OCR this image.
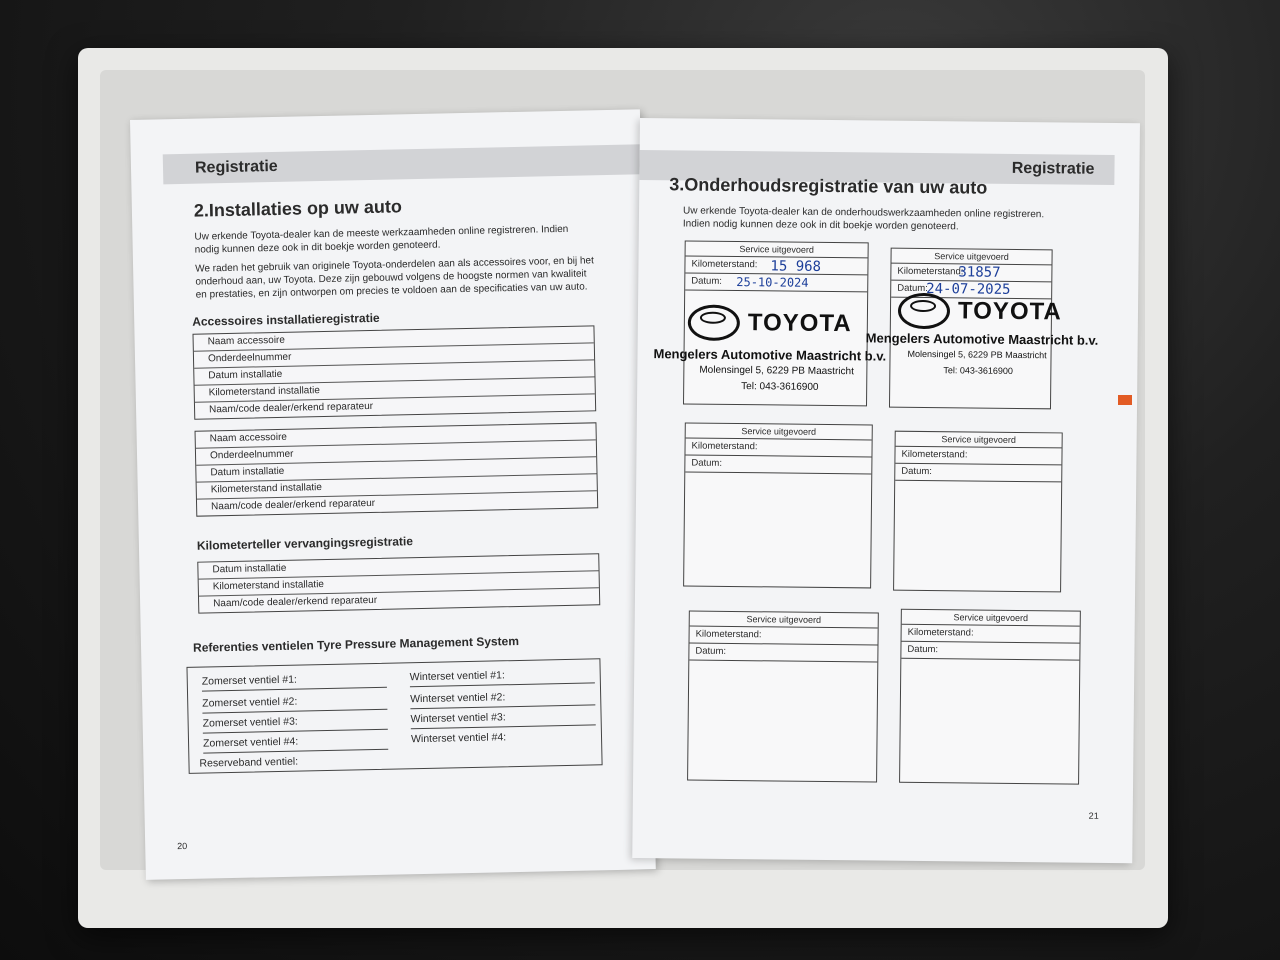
Registratie
2.Installaties op uw auto
Uw erkende Toyota-dealer kan de meeste werkzaamheden online registreren. Indien nodig kunnen deze ook in dit boekje worden genoteerd.
We raden het gebruik van originele Toyota-onderdelen aan als accessoires voor, en bij het onderhoud aan, uw Toyota. Deze zijn gebouwd volgens de hoogste normen van kwaliteit en prestaties, en zijn ontworpen om precies te voldoen aan de specificaties van uw auto.
Accessoires installatieregistratie
Naam accessoire
Onderdeelnummer
Datum installatie
Kilometerstand installatie
Naam/code dealer/erkend reparateur
Naam accessoire
Onderdeelnummer
Datum installatie
Kilometerstand installatie
Naam/code dealer/erkend reparateur
Kilometerteller vervangingsregistratie
Datum installatie
Kilometerstand installatie
Naam/code dealer/erkend reparateur
Referenties ventielen Tyre Pressure Management System
Zomerset ventiel #1:
Zomerset ventiel #2:
Zomerset ventiel #3:
Zomerset ventiel #4:
Reserveband ventiel:
Winterset ventiel #1:
Winterset ventiel #2:
Winterset ventiel #3:
Winterset ventiel #4:
20
Registratie
3.Onderhoudsregistratie van uw auto
Uw erkende Toyota-dealer kan de onderhoudswerkzaamheden online registreren. Indien nodig kunnen deze ook in dit boekje worden genoteerd.
Service uitgevoerd
Kilometerstand:
Datum:
15 968
25-10-2024
Service uitgevoerd
Kilometerstand:
Datum:
31857
24-07-2025
TOYOTA
Mengelers Automotive Maastricht b.v.
Molensingel 5, 6229 PB Maastricht
Tel: 043-3616900
TOYOTA
Mengelers Automotive Maastricht b.v.
Molensingel 5, 6229 PB Maastricht
Tel: 043-3616900
Service uitgevoerd
Kilometerstand:
Datum:
Service uitgevoerd
Kilometerstand:
Datum:
Service uitgevoerd
Kilometerstand:
Datum:
Service uitgevoerd
Kilometerstand:
Datum:
21
